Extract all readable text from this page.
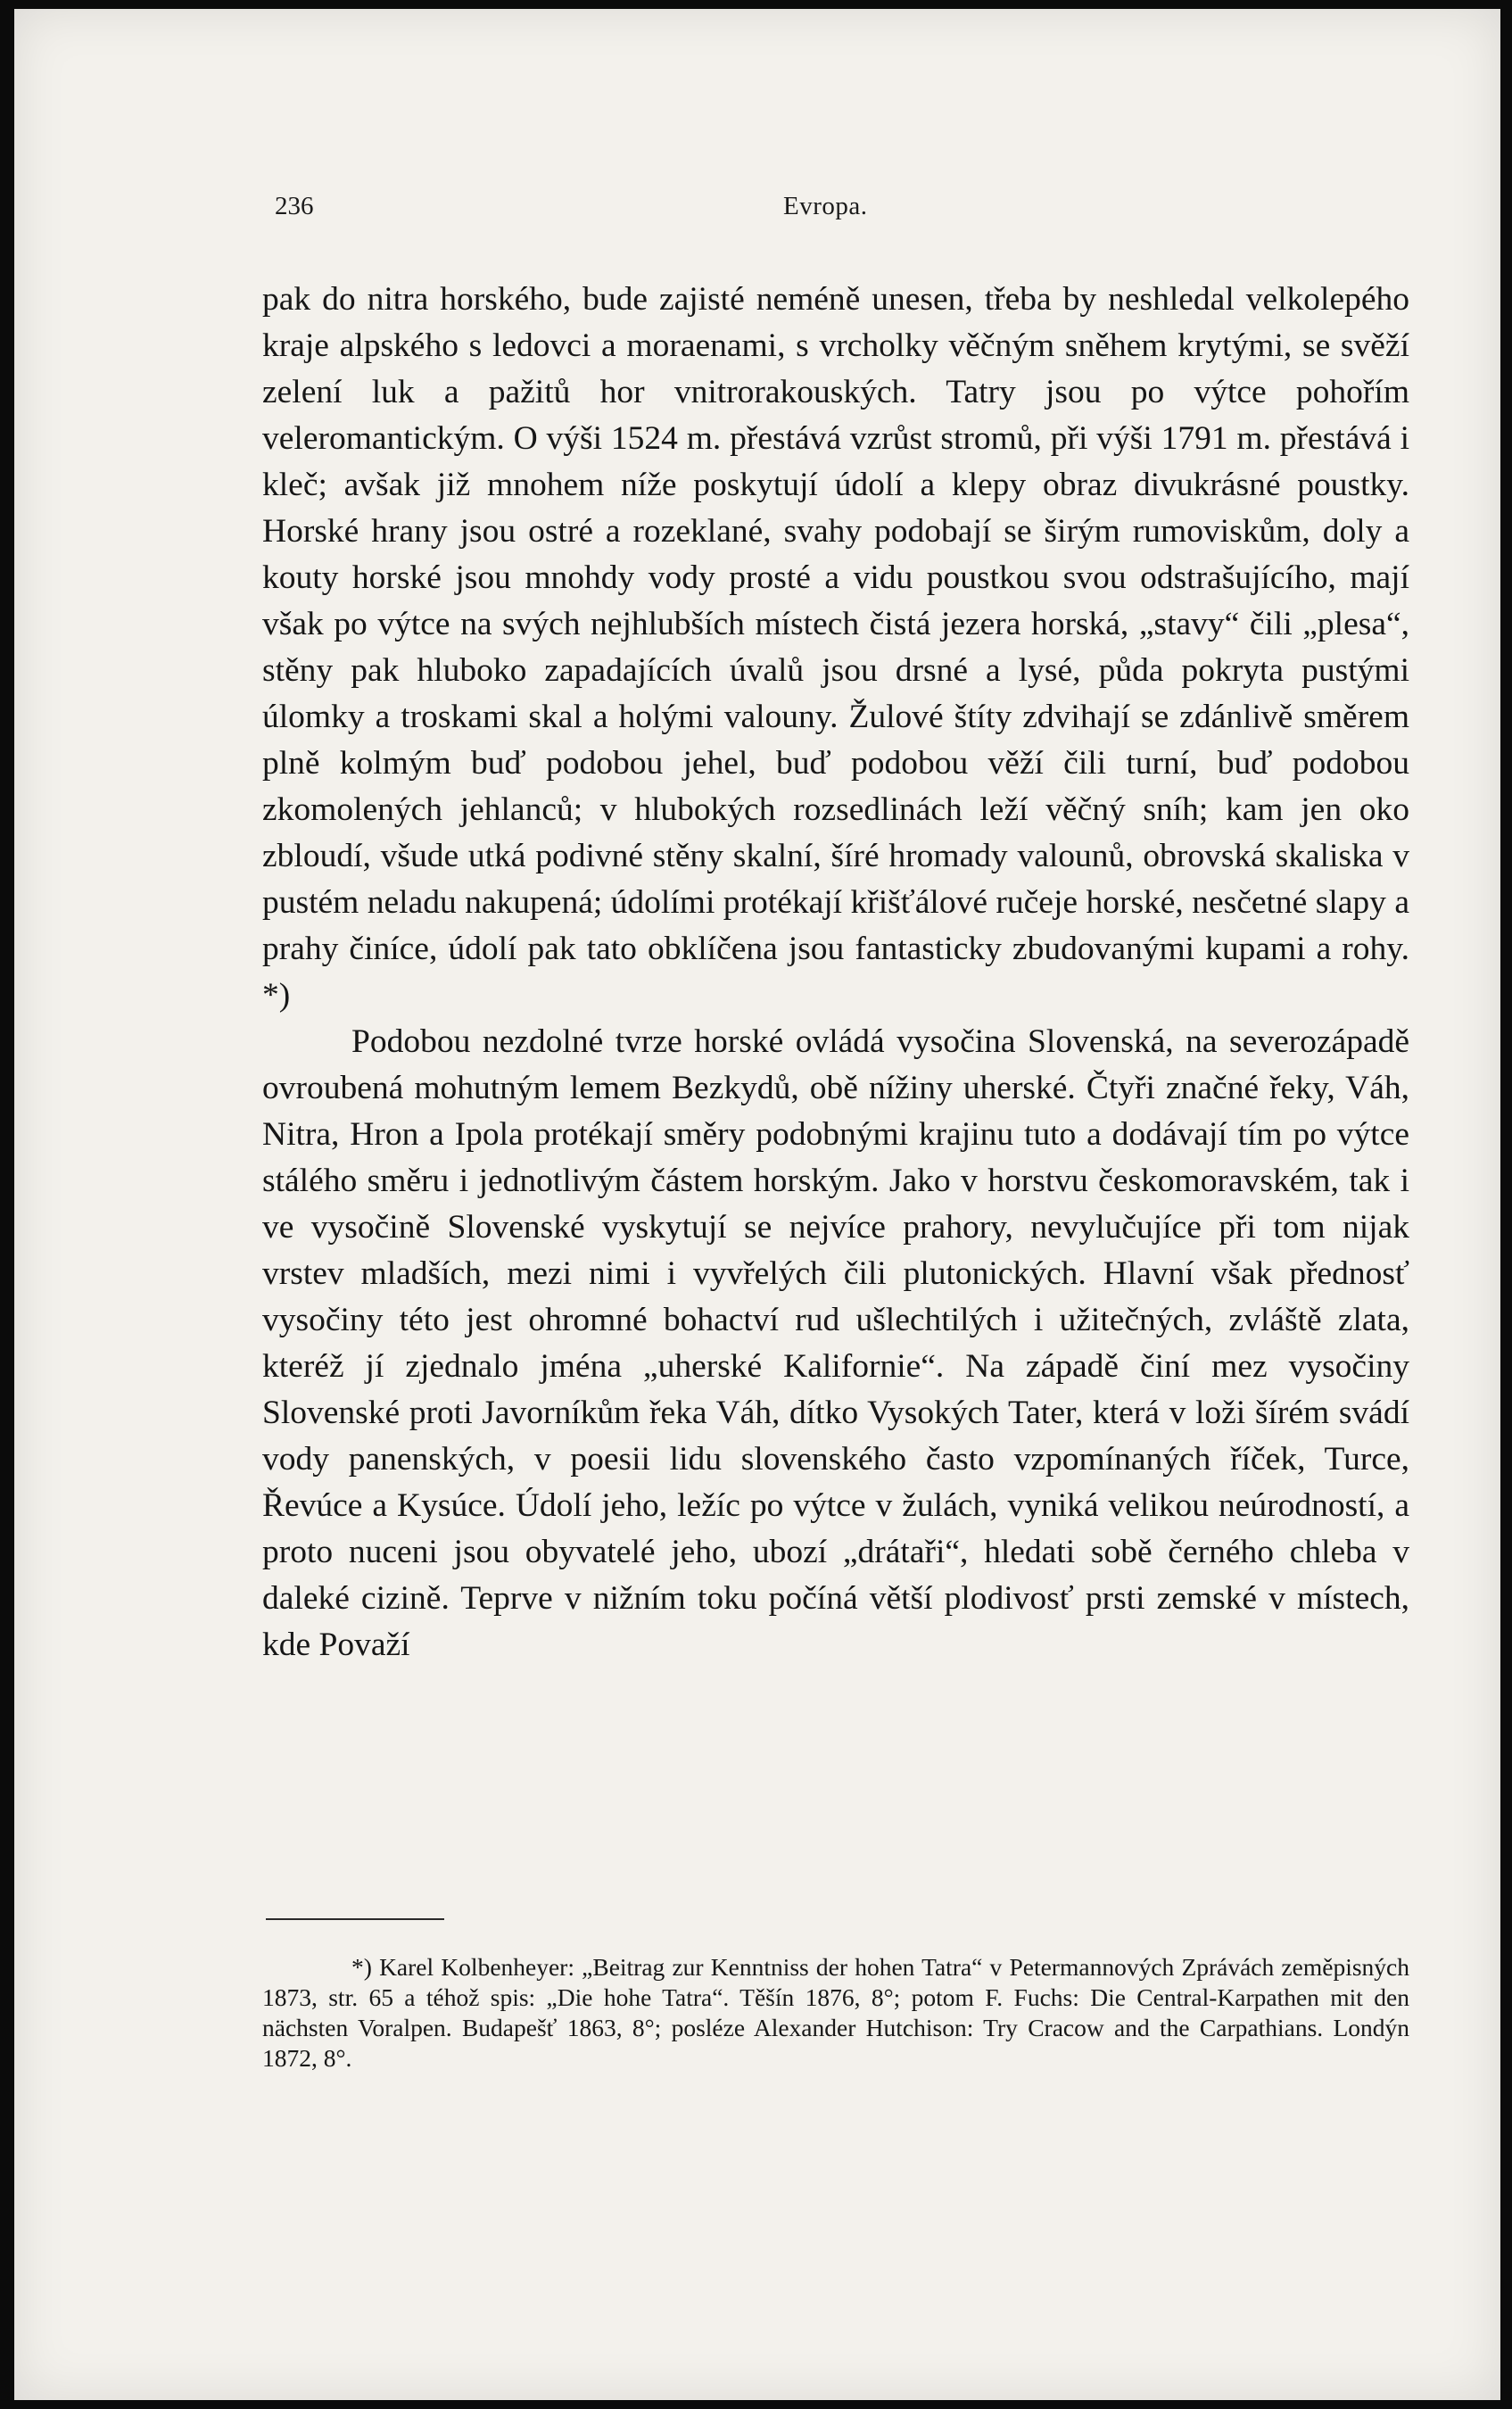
236	Evropa.

pak do nitra horského, bude zajisté neméně unesen, třeba by neshledal velkolepého kraje alpského s ledovci a moraenami, s vrcholky věčným sněhem krytými, se svěží zelení luk a pažitů hor vnitrorakouských. Tatry jsou po výtce pohořím veleromantickým. O výši 1524 m. přestává vzrůst stromů, při výši 1791 m. přestává i kleč; avšak již mnohem níže poskytují údolí a klepy obraz divukrásné poustky. Horské hrany jsou ostré a rozeklané, svahy podobají se širým rumoviskům, doly a kouty horské jsou mnohdy vody prosté a vidu poustkou svou odstrašujícího, mají však po výtce na svých nejhlubších místech čistá jezera horská, „stavy“ čili „plesa“, stěny pak hluboko zapadajících úvalů jsou drsné a lysé, půda pokryta pustými úlomky a troskami skal a holými valouny. Žulové štíty zdvihají se zdánlivě směrem plně kolmým buď podobou jehel, buď podobou věží čili turní, buď podobou zkomolených jehlanců; v hlubokých rozsedlinách leží věčný sníh; kam jen oko zbloudí, všude utká podivné stěny skalní, šíré hromady valounů, obrovská skaliska v pustém neladu nakupená; údolími protékají křišťálové ručeje horské, nesčetné slapy a prahy činíce, údolí pak tato obklíčena jsou fantasticky zbudovanými kupami a rohy. *)

Podobou nezdolné tvrze horské ovládá vysočina Slovenská, na severozápadě ovroubená mohutným lemem Bezkydů, obě nížiny uherské. Čtyři značné řeky, Váh, Nitra, Hron a Ipola protékají směry podobnými krajinu tuto a dodávají tím po výtce stálého směru i jednotlivým částem horským. Jako v horstvu českomoravském, tak i ve vysočině Slovenské vyskytují se nejvíce prahory, nevylučujíce při tom nijak vrstev mladších, mezi nimi i vyvřelých čili plutonických. Hlavní však přednosť vysočiny této jest ohromné bohactví rud ušlechtilých i užitečných, zvláště zlata, kteréž jí zjednalo jména „uherské Kalifornie“. Na západě činí mez vysočiny Slovenské proti Javorníkům řeka Váh, dítko Vysokých Tater, která v loži šírém svádí vody panenských, v poesii lidu slovenského často vzpomínaných říček, Turce, Řevúce a Kysúce. Údolí jeho, ležíc po výtce v žulách, vyniká velikou neúrodností, a proto nuceni jsou obyvatelé jeho, ubozí „drátaři“, hledati sobě černého chleba v daleké cizině. Teprve v nižním toku počíná větší plodivosť prsti zemské v místech, kde Považí

*) Karel Kolbenheyer: „Beitrag zur Kenntniss der hohen Tatra“ v Petermannových Zprávách zeměpisných 1873, str. 65 a téhož spis: „Die hohe Tatra“. Těšín 1876, 8°; potom F. Fuchs: Die Central-Karpathen mit den nächsten Voralpen. Budapešť 1863, 8°; posléze Alexander Hutchison: Try Cracow and the Carpathians. Londýn 1872, 8°.
